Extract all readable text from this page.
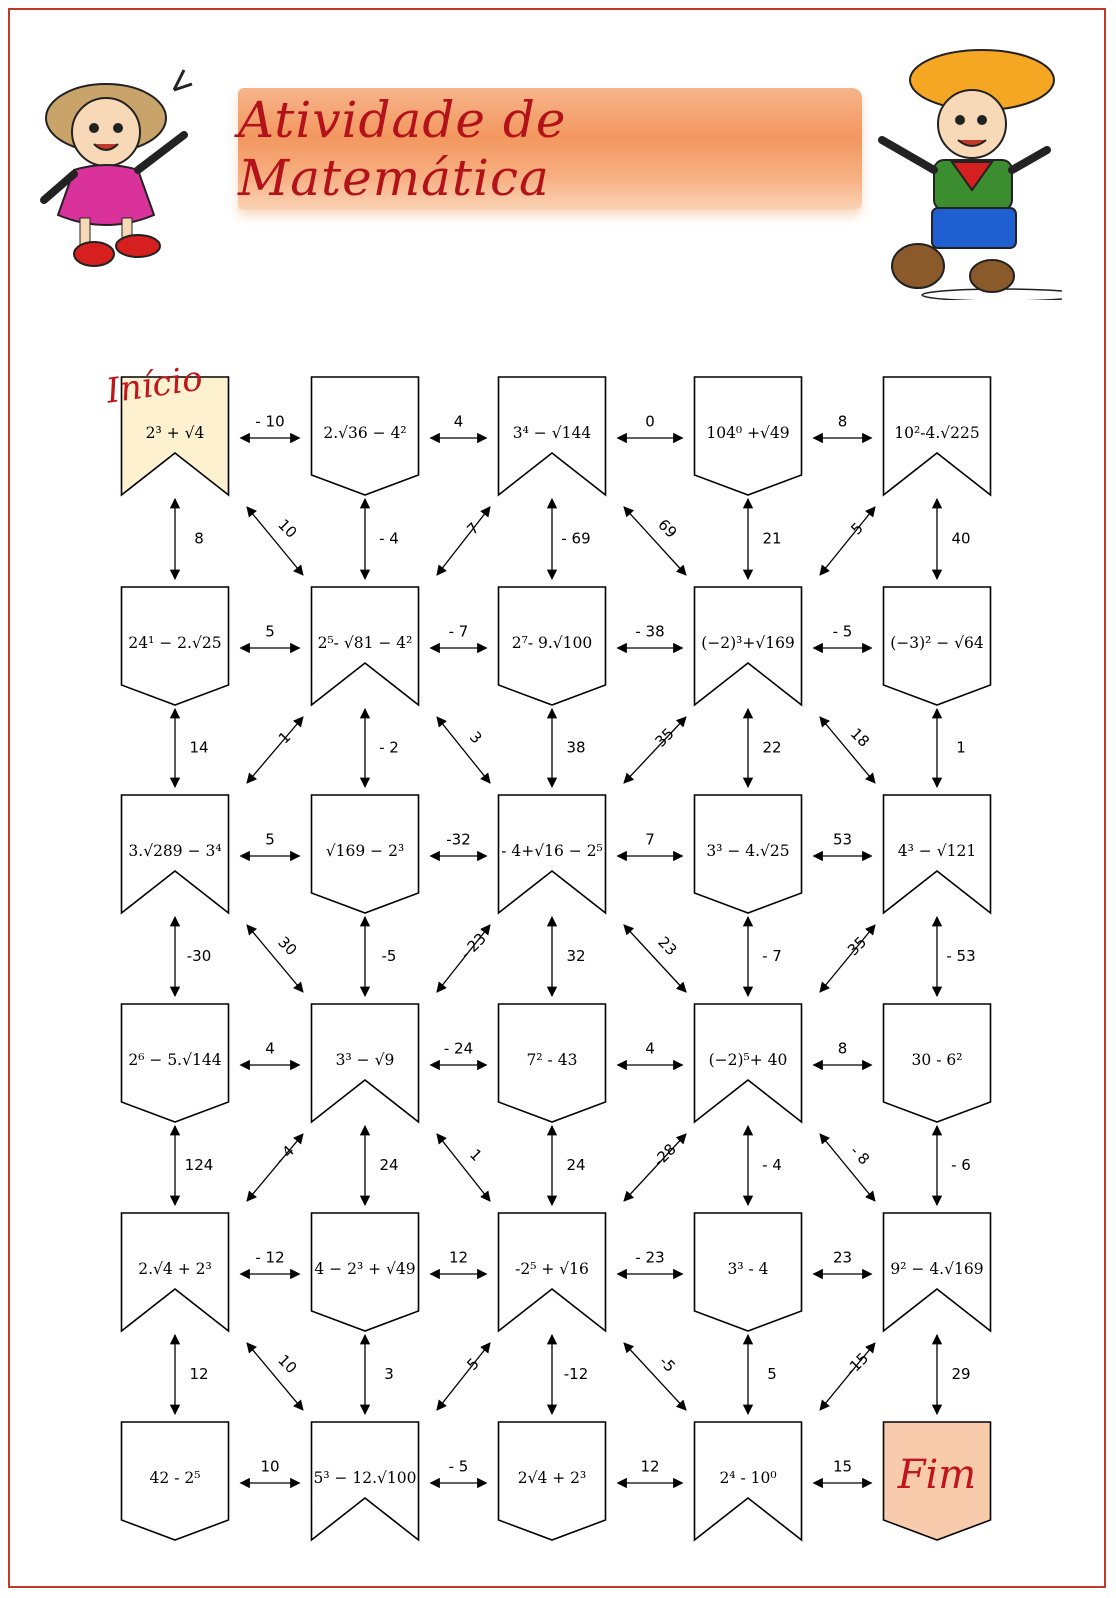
Atividade de Matemática
2³ + √4	2.√36 − 4²	3⁴ − √144	104⁰ +√49	10²-4.√225
24¹ − 2.√25	2⁵- √81 − 4²	2⁷- 9.√100	(−2)³+√169	(−3)² − √64
3.√289 − 3⁴	√169 − 2³	- 4+√16 − 2⁵	3³ − 4.√25	4³ − √121
2⁶ − 5.√144	3³ − √9	7² - 43	(−2)⁵+ 40	30 - 6²
2.√4 + 2³	4 − 2³ + √49	-2⁵ + √16	3³ - 4	9² − 4.√169
42 - 2⁵	5³ − 12.√100	2√4 + 2³	2⁴ - 10⁰
Início
Fim
- 10	4	0	8
5	- 7	- 38	- 5
5	-32	7	53
4	- 24	4	8
- 12	12	- 23	23
10	- 5	12	15
8	- 4	- 69	21	40
14	- 2	38	22	1
-30	-5	32	- 7	- 53
124	24	24	- 4	- 6
12	3	-12	5	29
10	7	69	5
1	3	35	18
30	- 23	23	35
- 4	1	-28	- 8
10	5	-5	-15
